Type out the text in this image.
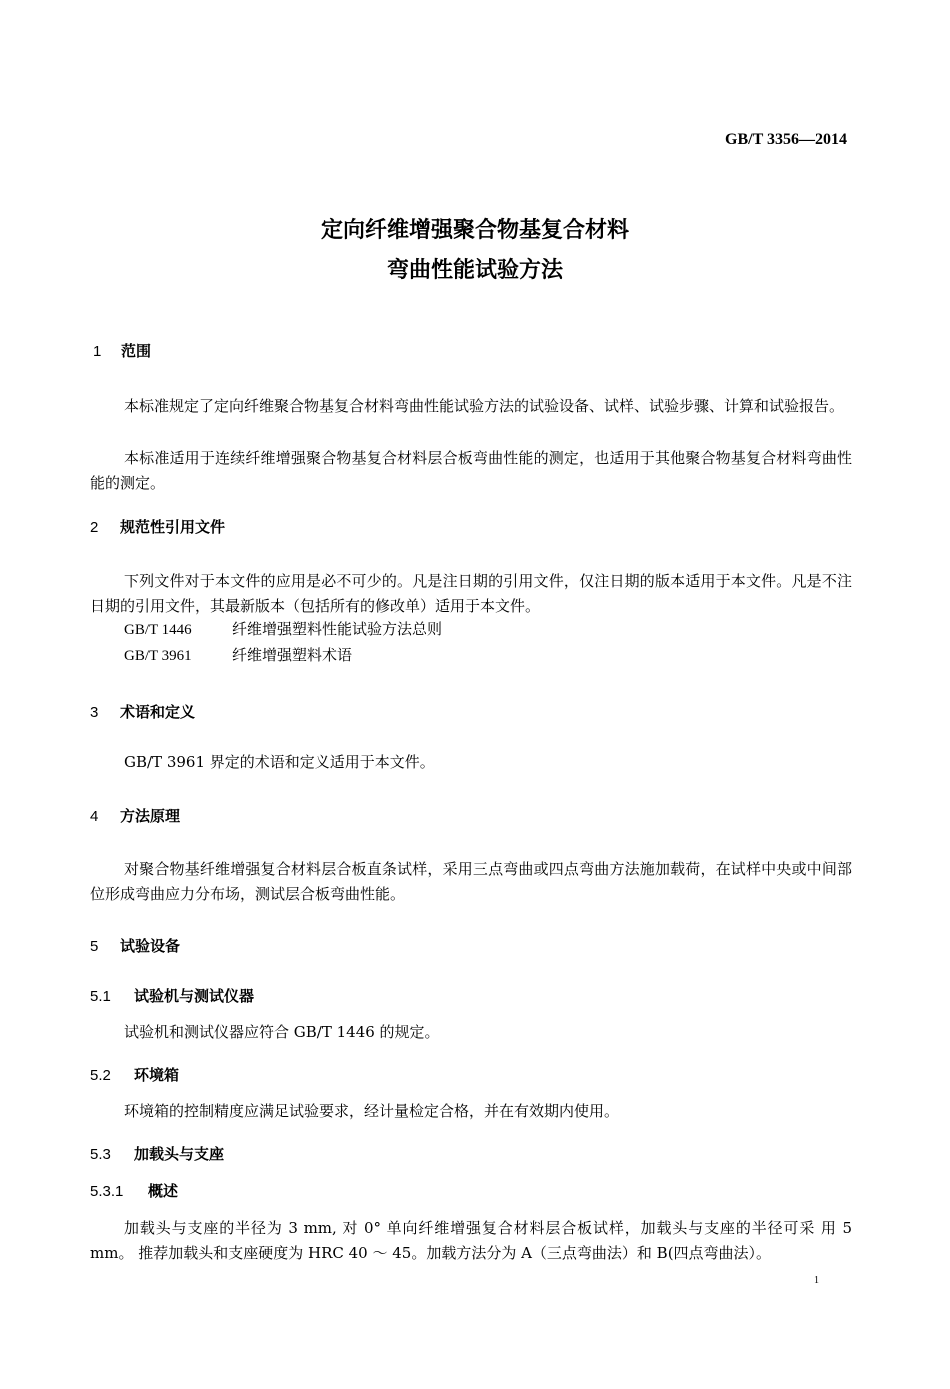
GB/T 3356—2014
定向纤维增强聚合物基复合材料
弯曲性能试验方法
1 范围
本标准规定了定向纤维聚合物基复合材料弯曲性能试验方法的试验设备、试样、试验步骤、计算和试验报告。
本标准适用于连续纤维增强聚合物基复合材料层合板弯曲性能的测定，也适用于其他聚合物基复合材料弯曲性能的测定。
2 规范性引用文件
下列文件对于本文件的应用是必不可少的。凡是注日期的引用文件，仅注日期的版本适用于本文件。凡是不注日期的引用文件，其最新版本（包括所有的修改单）适用于本文件。
GB/T 1446	纤维增强塑料性能试验方法总则
GB/T 3961	纤维增强塑料术语
3 术语和定义
GB/T 3961 界定的术语和定义适用于本文件。
4 方法原理
对聚合物基纤维增强复合材料层合板直条试样，采用三点弯曲或四点弯曲方法施加载荷，在试样中央或中间部位形成弯曲应力分布场，测试层合板弯曲性能。
5 试验设备
5.1 试验机与测试仪器
试验机和测试仪器应符合 GB/T 1446 的规定。
5.2 环境箱
环境箱的控制精度应满足试验要求，经计量检定合格，并在有效期内使用。
5.3 加载头与支座
5.3.1 概述
加载头与支座的半径为 3 mm, 对 0° 单向纤维增强复合材料层合板试样，加载头与支座的半径可采 用 5 mm。 推荐加载头和支座硬度为 HRC 40 ～ 45。加载方法分为 A（三点弯曲法）和 B(四点弯曲法）。
1
